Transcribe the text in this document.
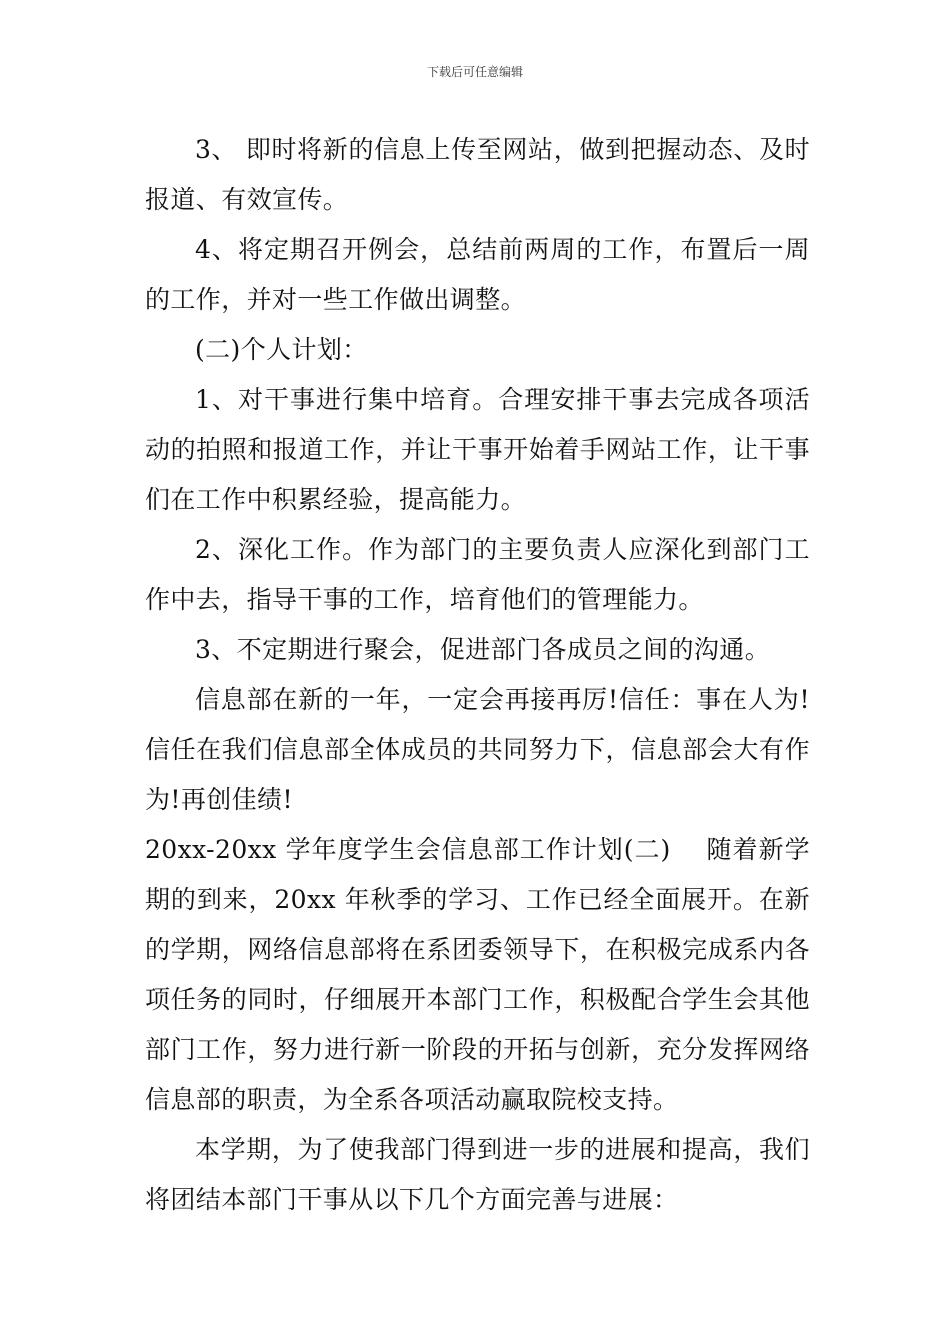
下载后可任意编辑

3、 即时将新的信息上传至网站，做到把握动态、及时报道、有效宣传。

4、将定期召开例会，总结前两周的工作，布置后一周的工作，并对一些工作做出调整。

(二)个人计划：

1、对干事进行集中培育。合理安排干事去完成各项活动的拍照和报道工作，并让干事开始着手网站工作，让干事们在工作中积累经验，提高能力。

2、深化工作。作为部门的主要负责人应深化到部门工作中去，指导干事的工作，培育他们的管理能力。

3、不定期进行聚会，促进部门各成员之间的沟通。

信息部在新的一年，一定会再接再厉!信任：事在人为!信任在我们信息部全体成员的共同努力下，信息部会大有作为!再创佳绩!

20xx-20xx 学年度学生会信息部工作计划(二)    随着新学期的到来，20xx 年秋季的学习、工作已经全面展开。在新的学期，网络信息部将在系团委领导下，在积极完成系内各项任务的同时，仔细展开本部门工作，积极配合学生会其他部门工作，努力进行新一阶段的开拓与创新，充分发挥网络信息部的职责，为全系各项活动赢取院校支持。

本学期，为了使我部门得到进一步的进展和提高，我们将团结本部门干事从以下几个方面完善与进展：
